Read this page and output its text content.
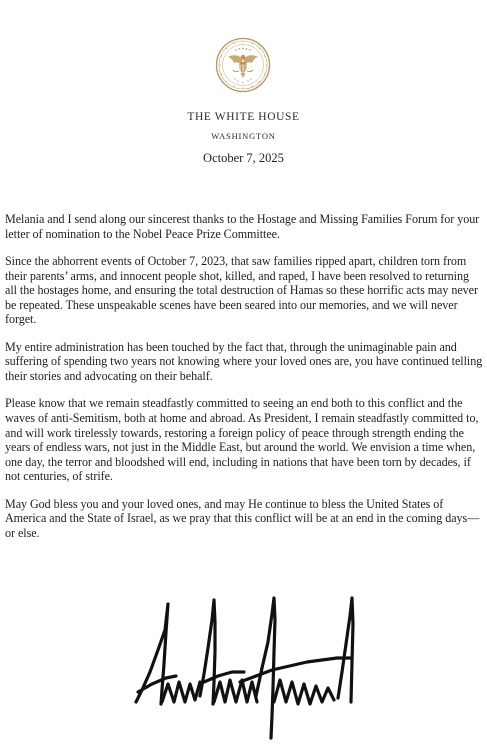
THE WHITE HOUSE
WASHINGTON
October 7, 2025

Melania and I send along our sincerest thanks to the Hostage and Missing Families Forum for your letter of nomination to the Nobel Peace Prize Committee.

Since the abhorrent events of October 7, 2023, that saw families ripped apart, children torn from their parents’ arms, and innocent people shot, killed, and raped, I have been resolved to returning all the hostages home, and ensuring the total destruction of Hamas so these horrific acts may never be repeated. These unspeakable scenes have been seared into our memories, and we will never forget.

My entire administration has been touched by the fact that, through the unimaginable pain and suffering of spending two years not knowing where your loved ones are, you have continued telling their stories and advocating on their behalf.

Please know that we remain steadfastly committed to seeing an end both to this conflict and the waves of anti-Semitism, both at home and abroad. As President, I remain steadfastly committed to, and will work tirelessly towards, restoring a foreign policy of peace through strength ending the years of endless wars, not just in the Middle East, but around the world. We envision a time when, one day, the terror and bloodshed will end, including in nations that have been torn by decades, if not centuries, of strife.

May God bless you and your loved ones, and may He continue to bless the United States of America and the State of Israel, as we pray that this conflict will be at an end in the coming days—or else.
